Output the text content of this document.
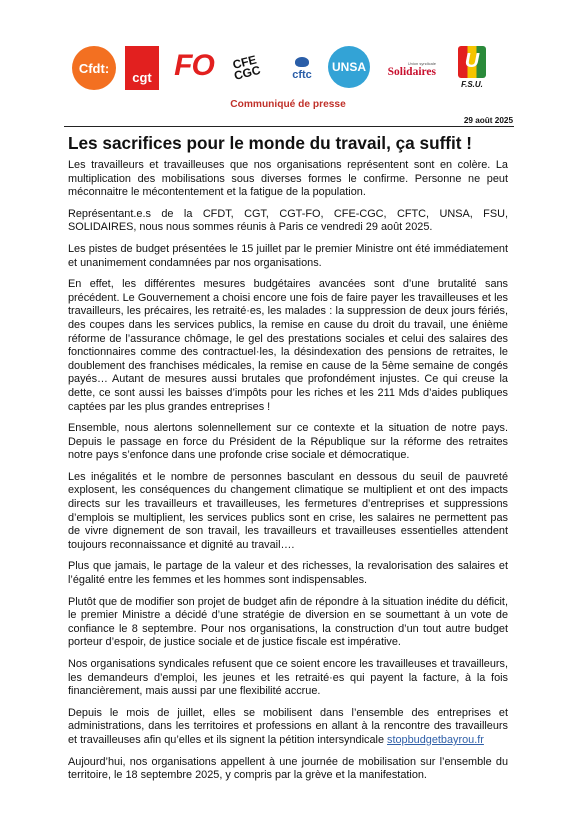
Cfdt:
cgt FO CFE
CGC	cftc
UNSA	Union syndicale
Solidaires	U
F.S.U.

Communiqué de presse

29 août 2025

Les sacrifices pour le monde du travail, ça suffit !

Les travailleurs et travailleuses que nos organisations représentent sont en colère. La multiplication des mobilisations sous diverses formes le confirme. Personne ne peut méconnaitre le mécontentement et la fatigue de la population.

Représentant.e.s de la CFDT, CGT, CGT-FO, CFE-CGC, CFTC, UNSA, FSU, SOLIDAIRES, nous nous sommes réunis à Paris ce vendredi 29 août 2025.

Les pistes de budget présentées le 15 juillet par le premier Ministre ont été immédiatement et unanimement condamnées par nos organisations.

En effet, les différentes mesures budgétaires avancées sont d’une brutalité sans précédent. Le Gouvernement a choisi encore une fois de faire payer les travailleuses et les travailleurs, les précaires, les retraité·es, les malades : la suppression de deux jours fériés, des coupes dans les services publics, la remise en cause du droit du travail, une énième réforme de l’assurance chômage, le gel des prestations sociales et celui des salaires des fonctionnaires comme des contractuel·les, la désindexation des pensions de retraites, le doublement des franchises médicales, la remise en cause de la 5ème semaine de congés payés… Autant de mesures aussi brutales que profondément injustes. Ce qui creuse la dette, ce sont aussi les baisses d’impôts pour les riches et les 211 Mds d’aides publiques captées par les plus grandes entreprises !

Ensemble, nous alertons solennellement sur ce contexte et la situation de notre pays. Depuis le passage en force du Président de la République sur la réforme des retraites notre pays s’enfonce dans une profonde crise sociale et démocratique.

Les inégalités et le nombre de personnes basculant en dessous du seuil de pauvreté explosent, les conséquences du changement climatique se multiplient et ont des impacts directs sur les travailleurs et travailleuses, les fermetures d’entreprises et suppressions d’emplois se multiplient, les services publics sont en crise, les salaires ne permettent pas de vivre dignement de son travail, les travailleurs et travailleuses essentielles attendent toujours reconnaissance et dignité au travail….

Plus que jamais, le partage de la valeur et des richesses, la revalorisation des salaires et l’égalité entre les femmes et les hommes sont indispensables.

Plutôt que de modifier son projet de budget afin de répondre à la situation inédite du déficit, le premier Ministre a décidé d’une stratégie de diversion en se soumettant à un vote de confiance le 8 septembre. Pour nos organisations, la construction d’un tout autre budget porteur d’espoir, de justice sociale et de justice fiscale est impérative.

Nos organisations syndicales refusent que ce soient encore les travailleuses et travailleurs, les demandeurs d’emploi, les jeunes et les retraité·es qui payent la facture, à la fois financièrement, mais aussi par une flexibilité accrue.

Depuis le mois de juillet, elles se mobilisent dans l’ensemble des entreprises et administrations, dans les territoires et professions en allant à la rencontre des travailleurs et travailleuses afin qu’elles et ils signent la pétition intersyndicale stopbudgetbayrou.fr

Aujourd’hui, nos organisations appellent à une journée de mobilisation sur l’ensemble du territoire, le 18 septembre 2025, y compris par la grève et la manifestation.
